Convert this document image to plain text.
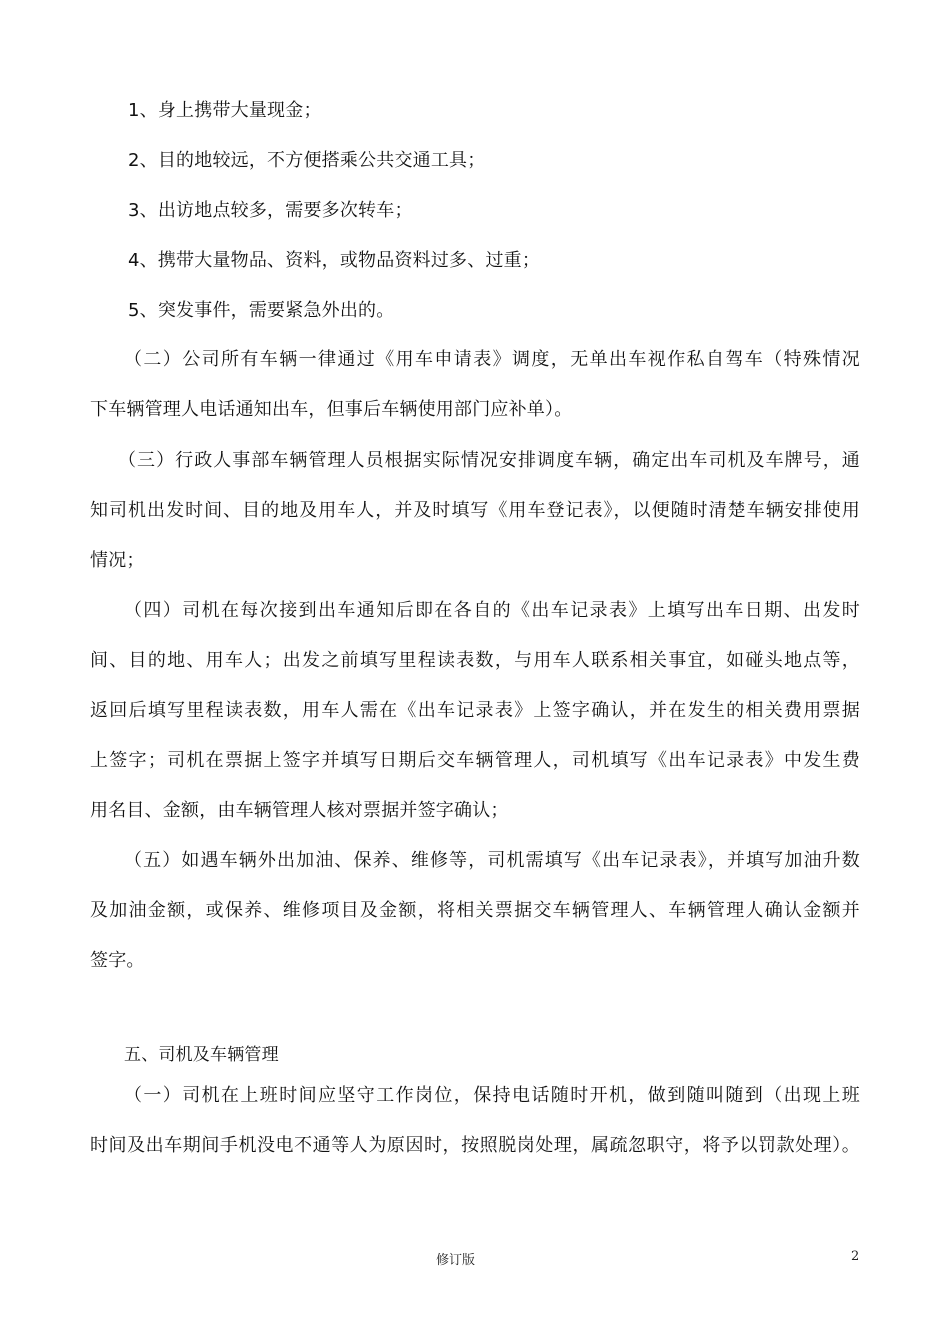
1、身上携带大量现金；
2、目的地较远，不方便搭乘公共交通工具；
3、出访地点较多，需要多次转车；
4、携带大量物品、资料，或物品资料过多、过重；
5、突发事件，需要紧急外出的。
（二）公司所有车辆一律通过《用车申请表》调度，无单出车视作私自驾车（特殊情况
下车辆管理人电话通知出车，但事后车辆使用部门应补单）。
（三）行政人事部车辆管理人员根据实际情况安排调度车辆，确定出车司机及车牌号，通
知司机出发时间、目的地及用车人，并及时填写《用车登记表》，以便随时清楚车辆安排使用
情况；
（四）司机在每次接到出车通知后即在各自的《出车记录表》上填写出车日期、出发时
间、目的地、用车人；出发之前填写里程读表数，与用车人联系相关事宜，如碰头地点等，
返回后填写里程读表数，用车人需在《出车记录表》上签字确认，并在发生的相关费用票据
上签字；司机在票据上签字并填写日期后交车辆管理人，司机填写《出车记录表》中发生费
用名目、金额，由车辆管理人核对票据并签字确认；
（五）如遇车辆外出加油、保养、维修等，司机需填写《出车记录表》，并填写加油升数
及加油金额，或保养、维修项目及金额，将相关票据交车辆管理人、车辆管理人确认金额并
签字。
五、司机及车辆管理
（一）司机在上班时间应坚守工作岗位，保持电话随时开机，做到随叫随到（出现上班
时间及出车期间手机没电不通等人为原因时，按照脱岗处理，属疏忽职守，将予以罚款处理）。
修订版	2
